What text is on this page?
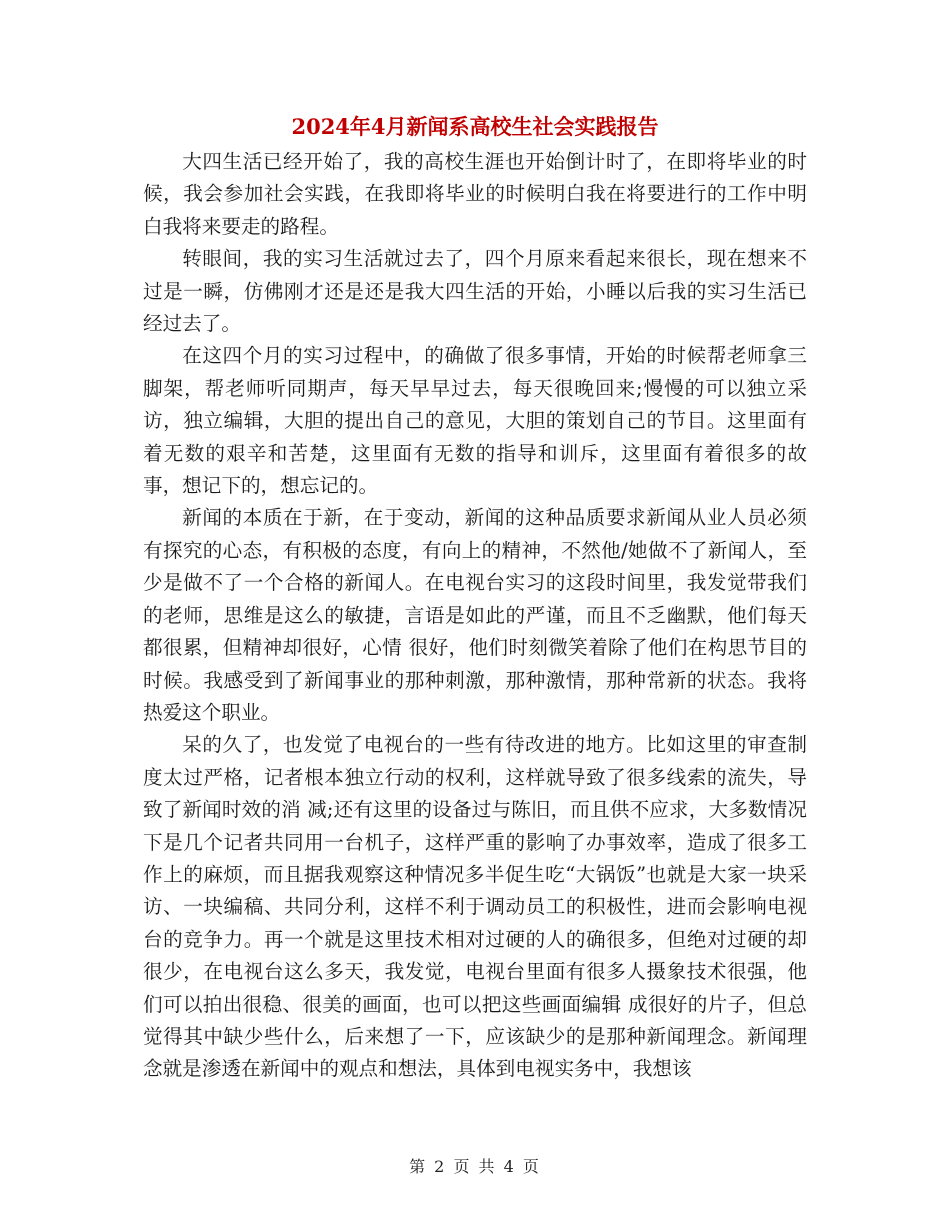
2024年4月新闻系高校生社会实践报告

大四生活已经开始了，我的高校生涯也开始倒计时了，在即将毕业的时候，我会参加社会实践，在我即将毕业的时候明白我在将要进行的工作中明白我将来要走的路程。

转眼间，我的实习生活就过去了，四个月原来看起来很长，现在想来不过是一瞬，仿佛刚才还是还是我大四生活的开始，小睡以后我的实习生活已经过去了。

在这四个月的实习过程中，的确做了很多事情，开始的时候帮老师拿三脚架，帮老师听同期声，每天早早过去，每天很晚回来;慢慢的可以独立采访，独立编辑，大胆的提出自己的意见，大胆的策划自己的节目。这里面有着无数的艰辛和苦楚，这里面有无数的指导和训斥，这里面有着很多的故事，想记下的，想忘记的。

新闻的本质在于新，在于变动，新闻的这种品质要求新闻从业人员必须有探究的心态，有积极的态度，有向上的精神，不然他/她做不了新闻人，至少是做不了一个合格的新闻人。在电视台实习的这段时间里，我发觉带我们的老师，思维是这么的敏捷，言语是如此的严谨，而且不乏幽默，他们每天都很累，但精神却很好，心情 很好，他们时刻微笑着除了他们在构思节目的时候。我感受到了新闻事业的那种刺激，那种激情，那种常新的状态。我将热爱这个职业。

呆的久了，也发觉了电视台的一些有待改进的地方。比如这里的审查制度太过严格，记者根本独立行动的权利，这样就导致了很多线索的流失，导致了新闻时效的消 减;还有这里的设备过与陈旧，而且供不应求，大多数情况下是几个记者共同用一台机子，这样严重的影响了办事效率，造成了很多工作上的麻烦，而且据我观察这种情况多半促生吃“大锅饭”也就是大家一块采访、一块编稿、共同分利，这样不利于调动员工的积极性，进而会影响电视台的竞争力。再一个就是这里技术相对过硬的人的确很多，但绝对过硬的却很少，在电视台这么多天，我发觉，电视台里面有很多人摄象技术很强，他们可以拍出很稳、很美的画面，也可以把这些画面编辑 成很好的片子，但总觉得其中缺少些什么，后来想了一下，应该缺少的是那种新闻理念。新闻理念就是渗透在新闻中的观点和想法，具体到电视实务中，我想该

第 2 页 共 4 页
